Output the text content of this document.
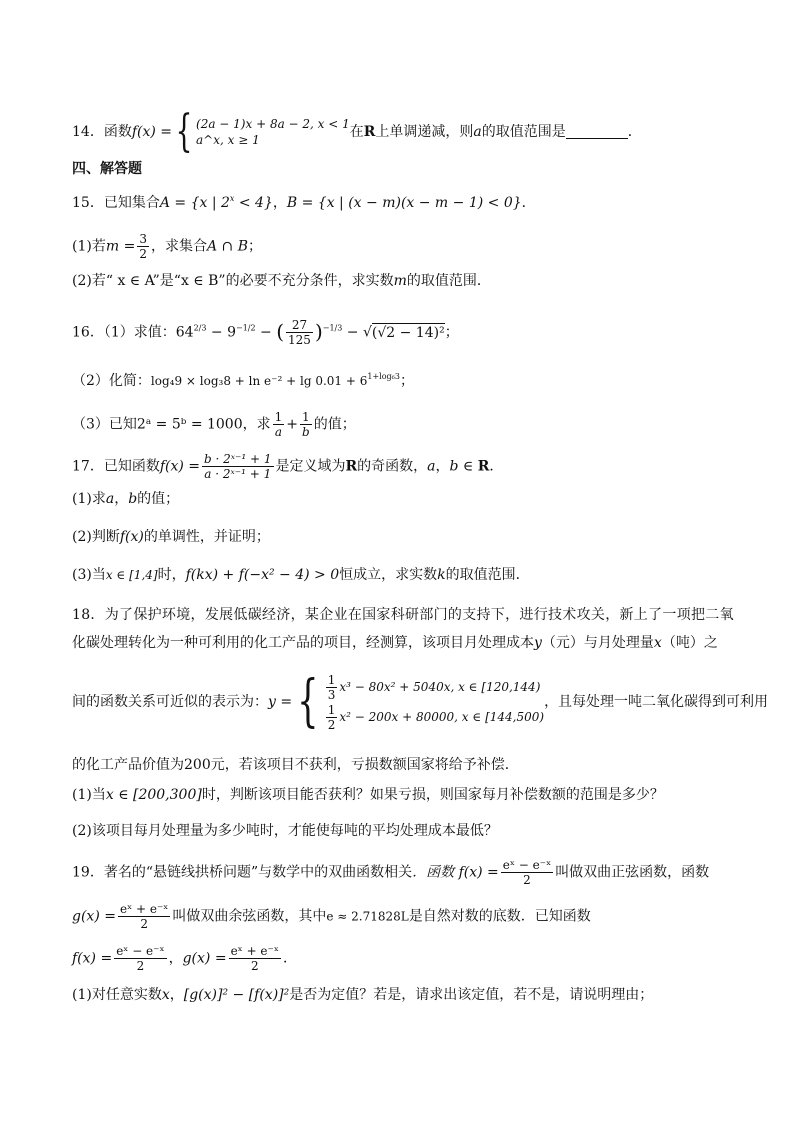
14．函数f(x) ={ (2a − 1)x + 8a − 2, x < 1
a^x, x ≥ 1	在R上单调递减，则a的取值范围是	．
四、解答题
15．已知集合A = {x | $2^x < 4$}，B = {x | (x − m)(x − m − 1) < 0}．
(1)若$m = \frac{3}{2}$ ，求集合A ∩ B；
(2)若“ x ∈ A”是“x ∈ B”的必要不充分条件，求实数m的取值范围．
16．（1）求值：$64^{2/3} - 9^{-1/2}$ − ( $\frac{27}{125} )^{-1/3} - √(√2 - 14)^2$；
（2）化简：$\log_49 \times \log_38 + \ln e^{-2} + \lg 0.01 + 6^{1+log_63}$；
（3）已知2ᵃ = 5ᵇ = 1000，求 $\frac{1}{a} + \frac{1}{b}$ 的值；
17．已知函数$f(x) = \frac{\text{b · 2ˣ⁻¹ + 1}}{\text{a · 2ˣ⁻¹ + 1}}$ 是定义域为R的奇函数，a，b ∈ R．
(1)求a，b的值；
(2)判断f(x)的单调性，并证明；
(3)当x ∈ [1,4]时，f(kx) + f(−x² − 4) > 0恒成立，求实数k的取值范围．
18．为了保护环境，发展低碳经济，某企业在国家科研部门的支持下，进行技术攻关，新上了一项把二氧
化碳处理转化为一种可利用的化工产品的项目，经测算，该项目月处理成本y（元）与月处理量x（吨）之
间的函数关系可近似的表示为：y ={ $\frac{1}{3} x^3 - 80x^2 + 5040x$, x ∈ [120,144)
$\frac{1}{2} x^2 - 200x + 80000$, x ∈ [144,500)
，且每处理一吨二氧化碳得到可利用
的化工产品价值为200元，若该项目不获利，亏损数额国家将给予补偿．
(1)当x ∈ [200,300]时，判断该项目能否获利？如果亏损，则国家每月补偿数额的范围是多少？
(2)该项目每月处理量为多少吨时，才能使每吨的平均处理成本最低？
19．著名的“悬链线拱桥问题”与数学中的双曲函数相关．函数 $f(x) = \frac{\text{eˣ − e⁻ˣ}}{2}$ 叫做双曲正弦函数，函数
$g(x) = \frac{\text{eˣ + e⁻ˣ}}{2}$ 叫做双曲余弦函数，其中e ≈ 2.71828L是自然对数的底数．已知函数
$f(x) = \frac{\text{eˣ − e⁻ˣ}}{2}$ ，$g(x) = \frac{\text{eˣ + e⁻ˣ}}{2}$ ．
(1)对任意实数x，[g(x)]² − [f(x)]²是否为定值？若是，请求出该定值，若不是，请说明理由；
